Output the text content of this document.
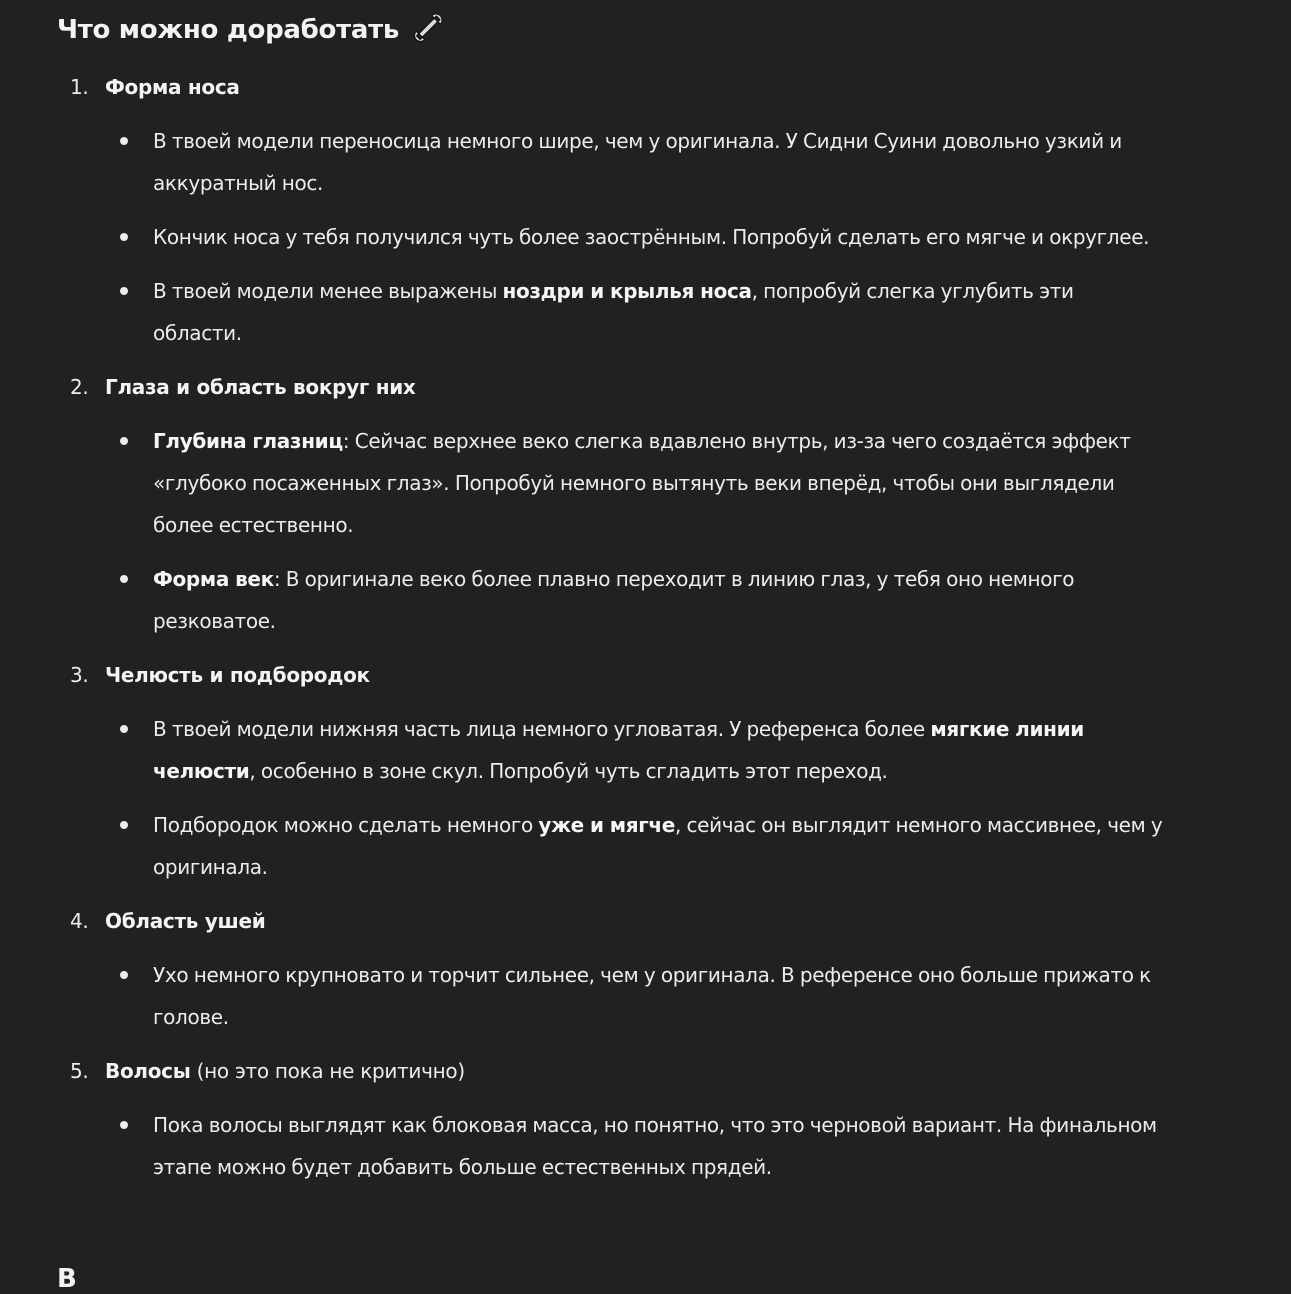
Что можно доработать
1. Форма носа
В твоей модели переносица немного шире, чем у оригинала. У Сидни Суини довольно узкий и аккуратный нос.
Кончик носа у тебя получился чуть более заострённым. Попробуй сделать его мягче и округлее.
В твоей модели менее выражены ноздри и крылья носа, попробуй слегка углубить эти области.
2. Глаза и область вокруг них
Глубина глазниц: Сейчас верхнее веко слегка вдавлено внутрь, из-за чего создаётся эффект «глубоко посаженных глаз». Попробуй немного вытянуть веки вперёд, чтобы они выглядели более естественно.
Форма век: В оригинале веко более плавно переходит в линию глаз, у тебя оно немного резковатое.
3. Челюсть и подбородок
В твоей модели нижняя часть лица немного угловатая. У референса более мягкие линии челюсти, особенно в зоне скул. Попробуй чуть сгладить этот переход.
Подбородок можно сделать немного уже и мягче, сейчас он выглядит немного массивнее, чем у оригинала.
4. Область ушей
Ухо немного крупновато и торчит сильнее, чем у оригинала. В референсе оно больше прижато к голове.
5. Волосы (но это пока не критично)
Пока волосы выглядят как блоковая масса, но понятно, что это черновой вариант. На финальном этапе можно будет добавить больше естественных прядей.
В
